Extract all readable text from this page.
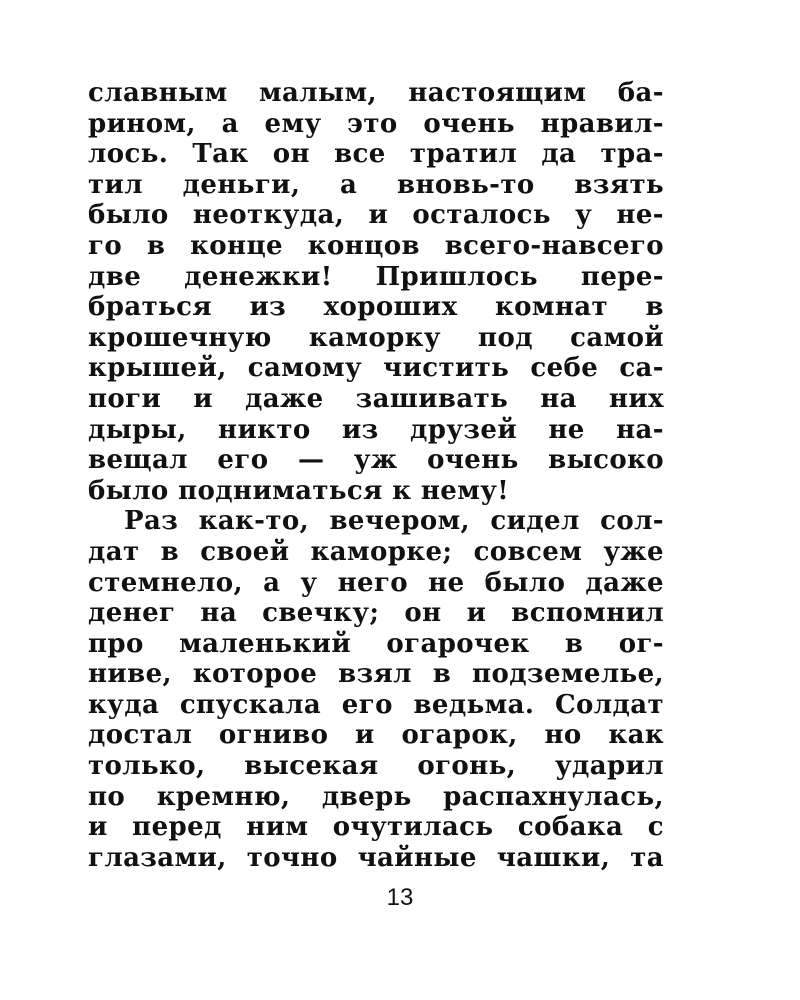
славным малым, настоящим ба-
рином, а ему это очень нравил-
лось. Так он все тратил да тра-
тил деньги, а вновь-то взять
было неоткуда, и осталось у не-
го в конце концов всего-навсего
две денежки! Пришлось пере-
браться из хороших комнат в
крошечную каморку под самой
крышей, самому чистить себе са-
поги и даже зашивать на них
дыры, никто из друзей не на-
вещал его — уж очень высоко
было подниматься к нему!
Раз как-то, вечером, сидел сол-
дат в своей каморке; совсем уже
стемнело, а у него не было даже
денег на свечку; он и вспомнил
про маленький огарочек в ог-
ниве, которое взял в подземелье,
куда спускала его ведьма. Солдат
достал огниво и огарок, но как
только, высекая огонь, ударил
по кремню, дверь распахнулась,
и перед ним очутилась собака с
глазами, точно чайные чашки, та
13
